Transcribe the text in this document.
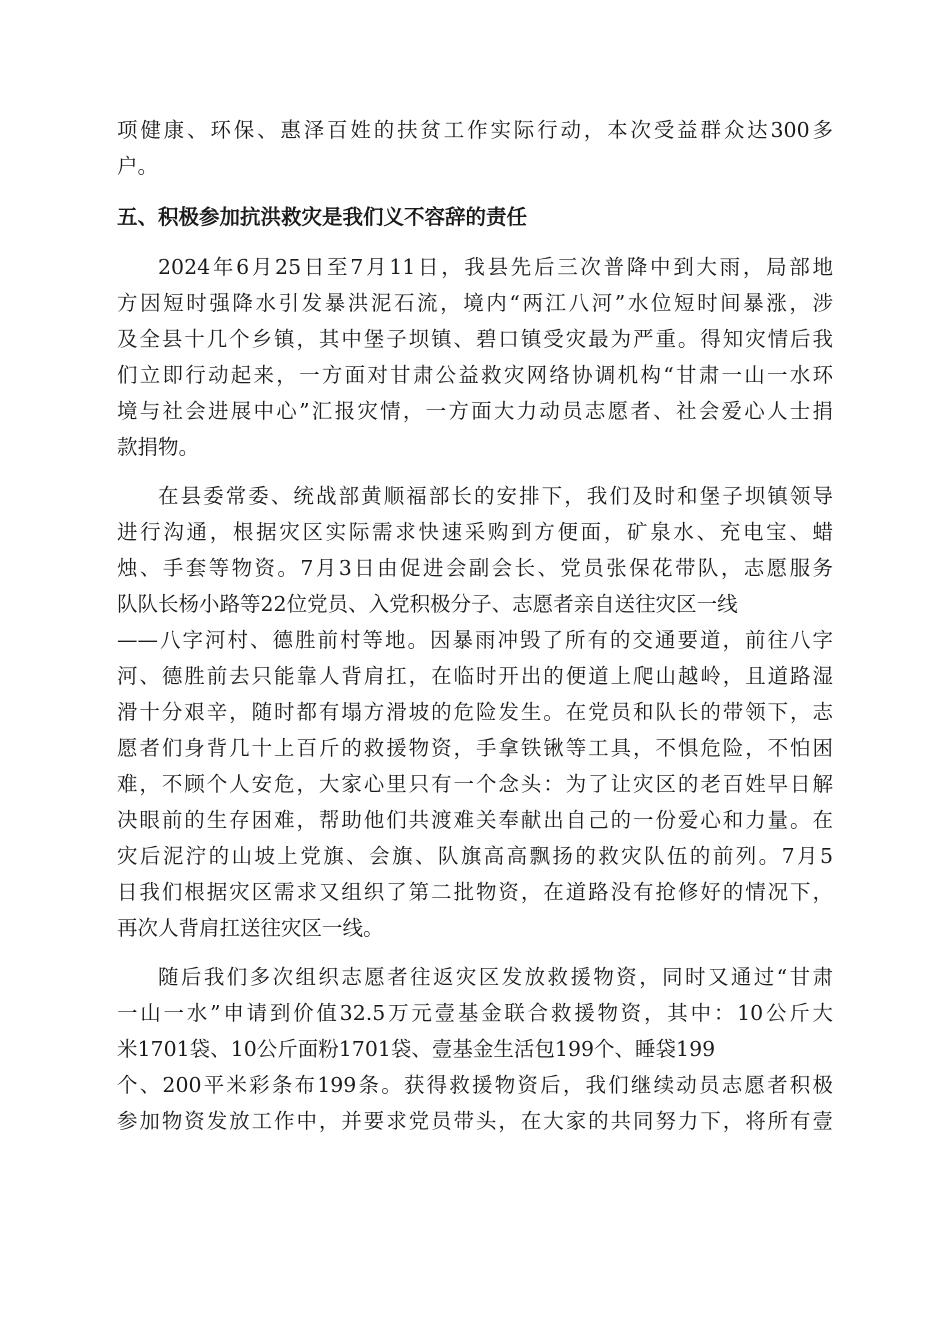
项健康、环保、惠泽百姓的扶贫工作实际行动，本次受益群众达300多
户。
五、积极参加抗洪救灾是我们义不容辞的责任
2024年6月25日至7月11日，我县先后三次普降中到大雨，局部地
方因短时强降水引发暴洪泥石流，境内“两江八河”水位短时间暴涨，涉
及全县十几个乡镇，其中堡子坝镇、碧口镇受灾最为严重。得知灾情后我
们立即行动起来，一方面对甘肃公益救灾网络协调机构“甘肃一山一水环
境与社会进展中心”汇报灾情，一方面大力动员志愿者、社会爱心人士捐
款捐物。
在县委常委、统战部黄顺福部长的安排下，我们及时和堡子坝镇领导
进行沟通，根据灾区实际需求快速采购到方便面，矿泉水、充电宝、蜡
烛、手套等物资。7月3日由促进会副会长、党员张保花带队，志愿服务
队队长杨小路等22位党员、入党积极分子、志愿者亲自送往灾区一线
——八字河村、德胜前村等地。因暴雨冲毁了所有的交通要道，前往八字
河、德胜前去只能靠人背肩扛，在临时开出的便道上爬山越岭，且道路湿
滑十分艰辛，随时都有塌方滑坡的危险发生。在党员和队长的带领下，志
愿者们身背几十上百斤的救援物资，手拿铁锹等工具，不惧危险，不怕困
难，不顾个人安危，大家心里只有一个念头：为了让灾区的老百姓早日解
决眼前的生存困难，帮助他们共渡难关奉献出自己的一份爱心和力量。在
灾后泥泞的山坡上党旗、会旗、队旗高高飘扬的救灾队伍的前列。7月5
日我们根据灾区需求又组织了第二批物资，在道路没有抢修好的情况下，
再次人背肩扛送往灾区一线。
随后我们多次组织志愿者往返灾区发放救援物资，同时又通过“甘肃
一山一水”申请到价值32.5万元壹基金联合救援物资，其中：10公斤大
米1701袋、10公斤面粉1701袋、壹基金生活包199个、睡袋199
个、200平米彩条布199条。获得救援物资后，我们继续动员志愿者积极
参加物资发放工作中，并要求党员带头，在大家的共同努力下，将所有壹
